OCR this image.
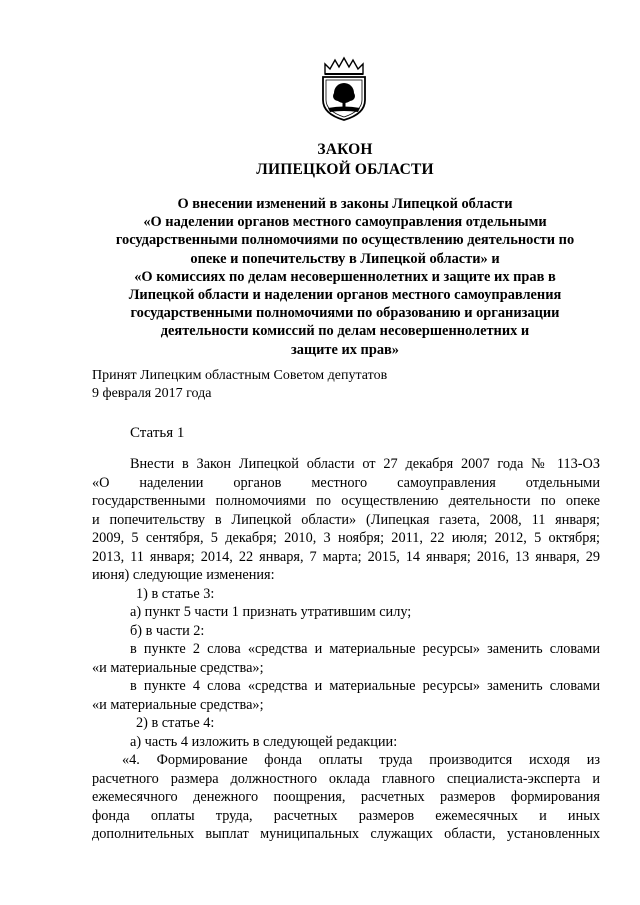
ЗАКОН
ЛИПЕЦКОЙ ОБЛАСТИ
О внесении изменений в законы Липецкой области
«О наделении органов местного самоуправления отдельными
государственными полномочиями по осуществлению деятельности по
опеке и попечительству в Липецкой области» и
«О комиссиях по делам несовершеннолетних и защите их прав в
Липецкой области и наделении органов местного самоуправления
государственными полномочиями по образованию и организации
деятельности комиссий по делам несовершеннолетних и
защите их прав»
Принят Липецким областным Советом депутатов
9 февраля 2017 года
Статья 1
Внести в Закон Липецкой области от 27 декабря 2007 года № 113-ОЗ
«О наделении органов местного самоуправления отдельными
государственными полномочиями по осуществлению деятельности по опеке
и попечительству в Липецкой области» (Липецкая газета, 2008, 11 января;
2009, 5 сентября, 5 декабря; 2010, 3 ноября; 2011, 22 июля; 2012, 5 октября;
2013, 11 января; 2014, 22 января, 7 марта; 2015, 14 января; 2016, 13 января, 29
июня) следующие изменения:
1) в статье 3:
а) пункт 5 части 1 признать утратившим силу;
б) в части 2:
в пункте 2 слова «средства и материальные ресурсы» заменить словами
«и материальные средства»;
в пункте 4 слова «средства и материальные ресурсы» заменить словами
«и материальные средства»;
2) в статье 4:
а) часть 4 изложить в следующей редакции:
«4. Формирование фонда оплаты труда производится исходя из
расчетного размера должностного оклада главного специалиста-эксперта и
ежемесячного денежного поощрения, расчетных размеров формирования
фонда оплаты труда, расчетных размеров ежемесячных и иных
дополнительных выплат муниципальных служащих области, установленных
